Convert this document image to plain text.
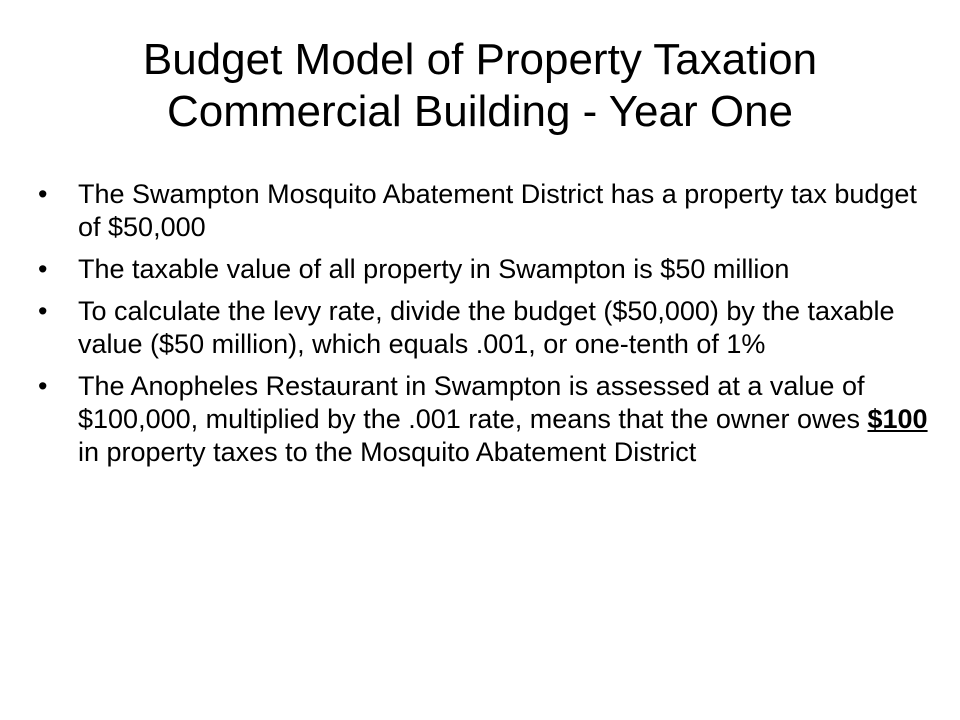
Budget Model of Property Taxation
Commercial Building - Year One
• The Swampton Mosquito Abatement District has a property tax budget of $50,000
• The taxable value of all property in Swampton is $50 million
• To calculate the levy rate, divide the budget ($50,000) by the taxable value ($50 million), which equals .001, or one-tenth of 1%
• The Anopheles Restaurant in Swampton is assessed at a value of $100,000, multiplied by the .001 rate, means that the owner owes $100 in property taxes to the Mosquito Abatement District
